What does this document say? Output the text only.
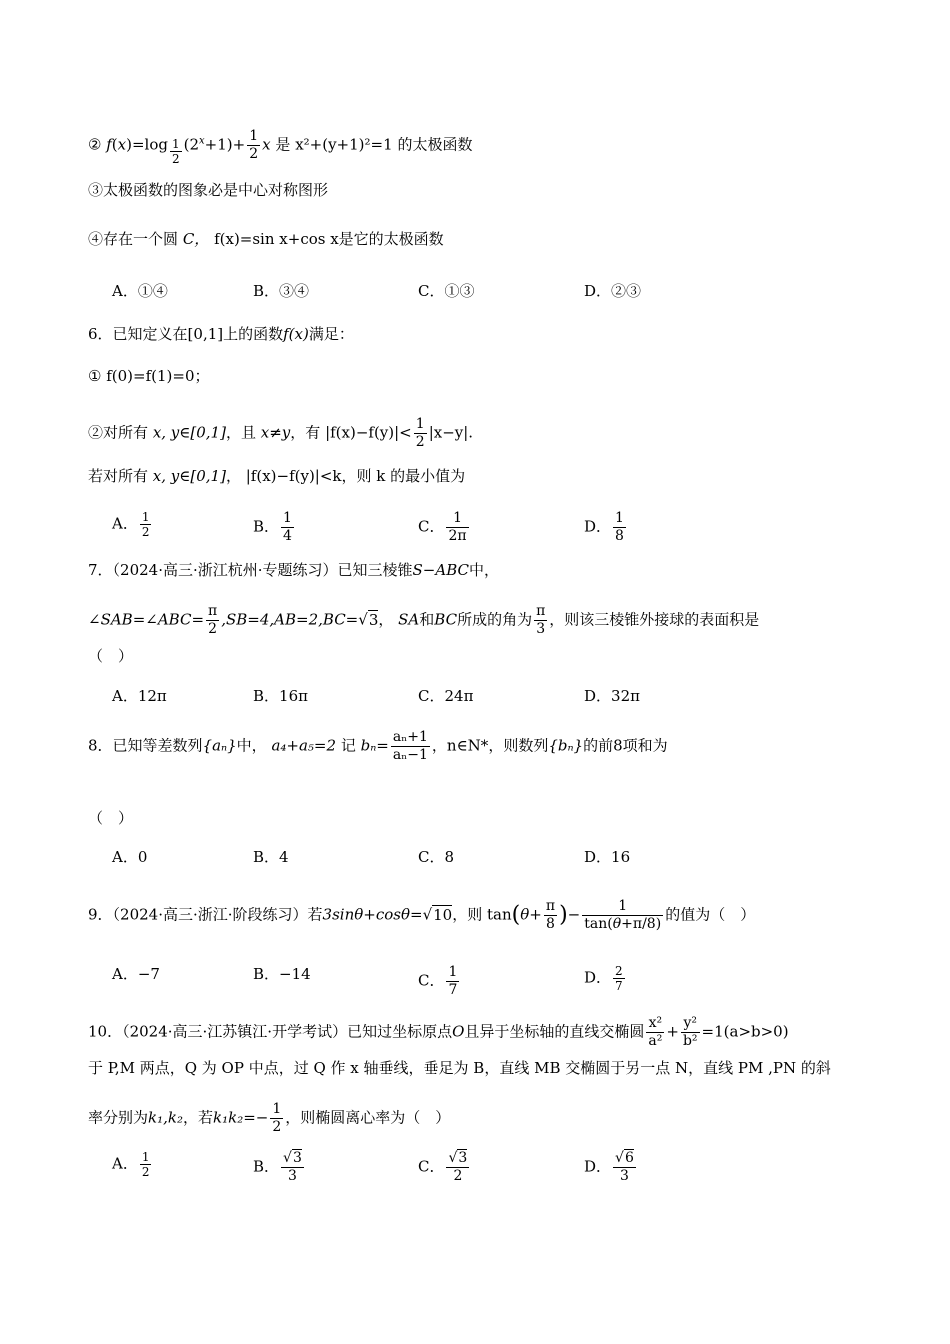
② f(x)=log $_{\frac{1}{2}}$ $(2^x+1)+ \frac{1}{2}$ x 是 x²+(y+1)²=1 的太极函数
③太极函数的图象必是中心对称图形
④存在一个圆 C， f(x)=sin x+cos x是它的太极函数
A．①④	B．③④	C．①③	D．②③
6．已知定义在[0,1]上的函数f(x)满足：
① f(0)=f(1)=0；
②对所有 x, y∈[0,1]，且 x≠y，有 $|f(x)-f(y)|< \frac{1}{2} |x-y|$.
若对所有 x, y∈[0,1]， |f(x)−f(y)|<k，则 k 的最小值为
A． $\frac{1}{2}$	B． $\frac{1}{4}$	C． $\frac{1}{2\pi}$	D． $\frac{1}{8}$
7．（2024·高三·浙江杭州·专题练习）已知三棱锥S−ABC中，
∠SAB=∠ABC= $\frac{\pi}{2} ,SB=4,AB=2,BC=√3$， SA和BC所成的角为 $\frac{\pi}{3}$ ，则该三棱锥外接球的表面积是
（　）
A．12π	B．16π	C．24π	D．32π
8．已知等差数列{aₙ}中， a₄+a₅=2 记 $b_n= \frac{\text{aₙ+1}}{\text{aₙ−1}}$ ，n∈N*，则数列{bₙ}的前8项和为
（　）
A．0	B．4	C．8	D．16
9．（2024·高三·浙江·阶段练习）若3sinθ+cosθ=√10，则 $\tan(\theta+ \frac{\pi}{8}$ )− $\frac{1}{\tan(\theta+\pi/8)}$ 的值为（　）
A．−7	B．−14	C． $\frac{1}{7}$	D． $\frac{2}{7}$
10．（2024·高三·江苏镇江·开学考试）已知过坐标原点O且异于坐标轴的直线交椭圆 $\frac{\text{x²}}{\text{a²}} + \frac{\text{y²}}{\text{b²}} =1(a>b>0)$
于 P,M 两点，Q 为 OP 中点，过 Q 作 x 轴垂线，垂足为 B，直线 MB 交椭圆于另一点 N，直线 PM ,PN 的斜
率分别为k₁,k₂，若$k_1k_2=- \frac{1}{2}$ ，则椭圆离心率为（　）
A． $\frac{1}{2}$	B． $\frac{√3}{3}$	C． $\frac{√3}{2}$	D． $\frac{√6}{3}$
